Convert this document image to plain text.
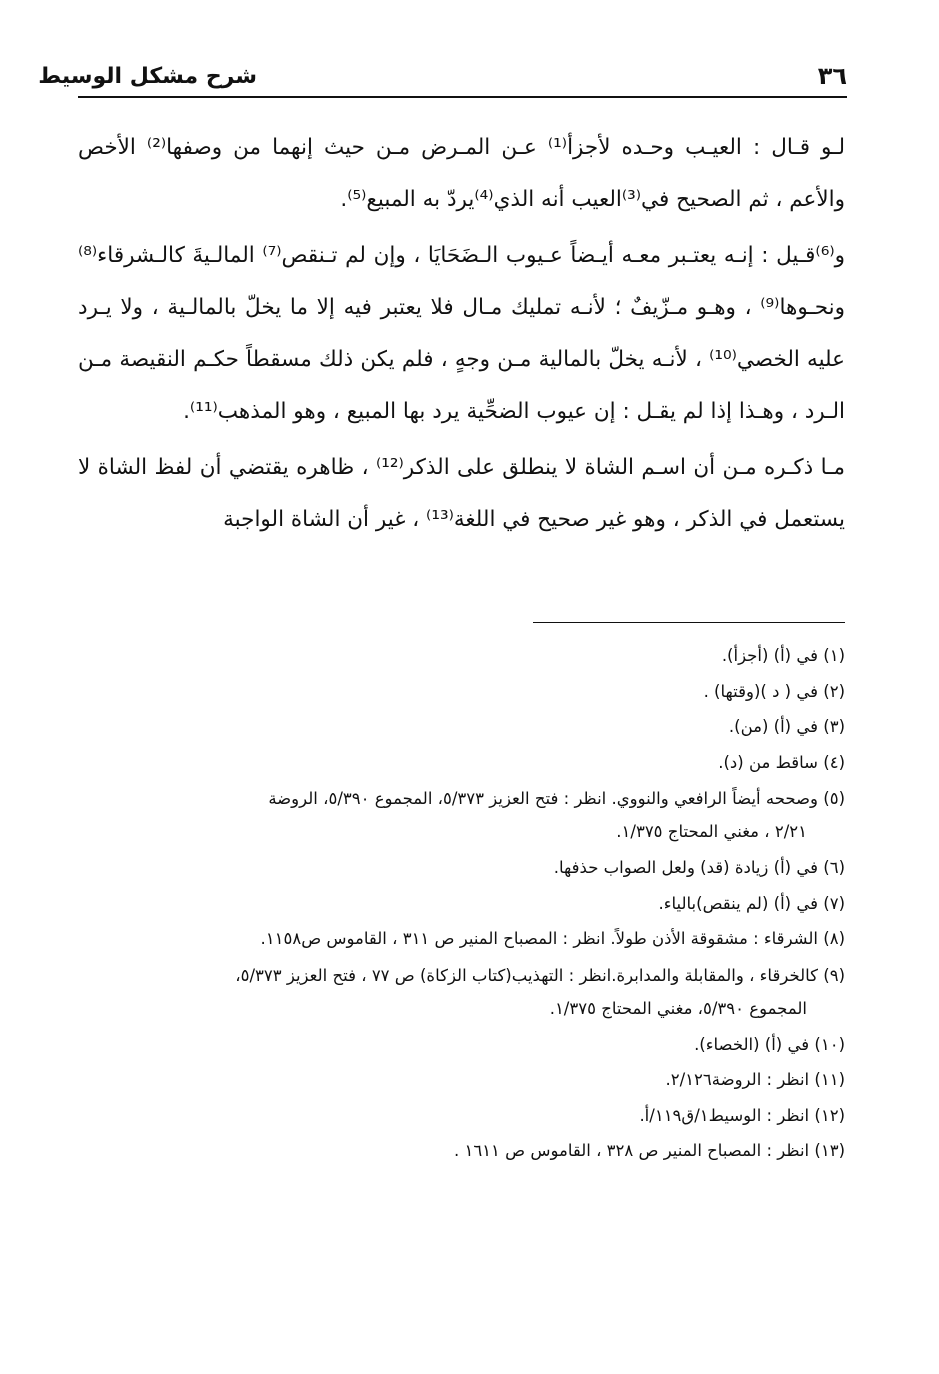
٣٦
شرح مشكل الوسيط

لـو قـال : العيـب وحـده لأجزأ⁽¹⁾ عـن المـرض مـن حيث إنهما من وصفها⁽²⁾ الأخص والأعم ، ثم الصحيح في⁽³⁾العيب أنه الذي⁽⁴⁾يردّ به المبيع⁽⁵⁾.

و⁽⁶⁾قـيل : إنـه يعتـبر معـه أيـضاً عـيوب الـضَحَايَا ، وإن لم تـنقص⁽⁷⁾ المالـيةَ كالـشرقاء⁽⁸⁾ ونحـوها⁽⁹⁾ ، وهـو مـزّيفٌ ؛ لأنـه تمليك مـال فلا يعتبر فيه إلا ما يخلّ بالمالـية ، ولا يـرد عليه الخصي⁽¹⁰⁾ ، لأنـه يخلّ بالمالية مـن وجهٍ ، فلم يكن ذلك مسقطاً حكـم النقيصة مـن الـرد ، وهـذا إذا لم يقـل : إن عيوب الضحِّية يرد بها المبيع ، وهو المذهب⁽¹¹⁾.

مـا ذكـره مـن أن اسـم الشاة لا ينطلق على الذكر⁽¹²⁾ ، ظاهره يقتضي أن لفظ الشاة لا يستعمل في الذكر ، وهو غير صحيح في اللغة⁽¹³⁾ ، غير أن الشاة الواجبة

(١) في (أ) (أجزأ).

(٢) في ( د )(وقتها) .

(٣) في (أ) (من).

(٤) ساقط من (د).

(٥) وصححه أيضاً الرافعي والنووي. انظر : فتح العزيز ٥/٣٧٣، المجموع ٥/٣٩٠، الروضة
٢/٢١ ، مغني المحتاج ١/٣٧٥.

(٦) في (أ) زيادة (قد) ولعل الصواب حذفها.

(٧) في (أ) (لم ينقص)بالياء.

(٨) الشرقاء : مشقوقة الأذن طولاً. انظر : المصباح المنير ص ٣١١ ، القاموس ص١١٥٨.

(٩) كالخرقاء ، والمقابلة والمدابرة.انظر : التهذيب(كتاب الزكاة) ص ٧٧ ، فتح العزيز ٥/٣٧٣،
المجموع ٥/٣٩٠، مغني المحتاج ١/٣٧٥.

(١٠) في (أ) (الخصاء).

(١١) انظر : الروضة٢/١٢٦.

(١٢) انظر : الوسيط١/ق١١٩/أ.

(١٣) انظر : المصباح المنير ص ٣٢٨ ، القاموس ص ١٦١١ .
